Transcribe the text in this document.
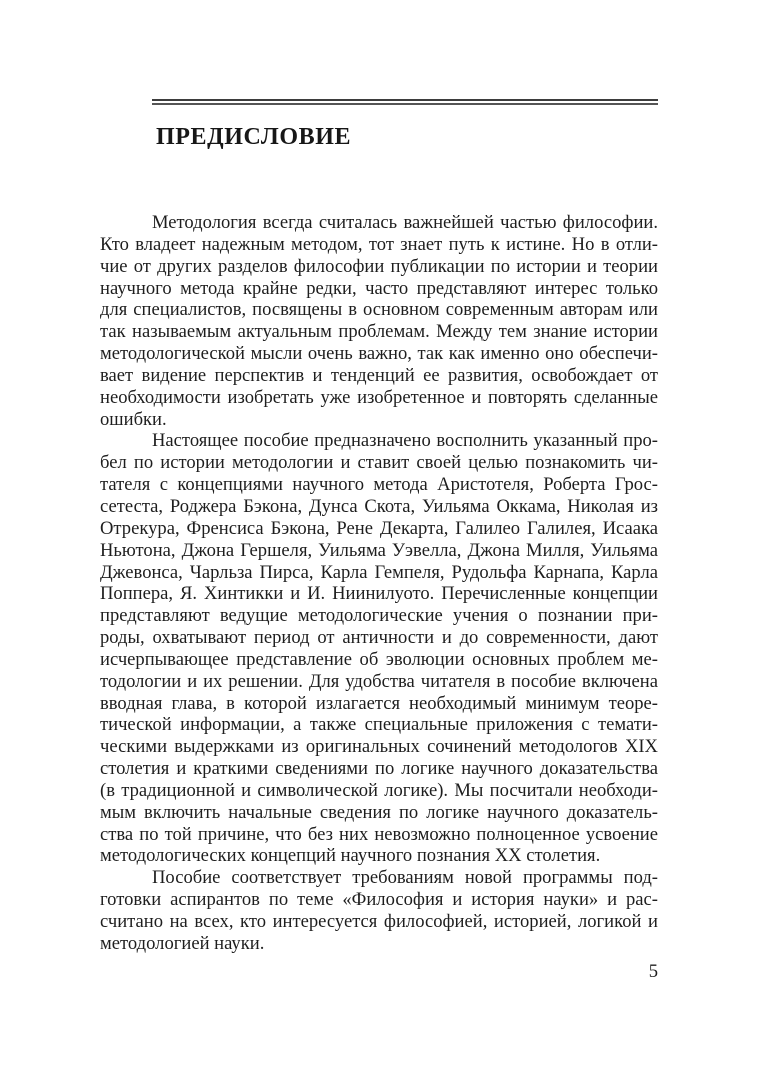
ПРЕДИСЛОВИЕ
Методология всегда считалась важнейшей частью философии.
Кто владеет надежным методом, тот знает путь к истине. Но в отли-
чие от других разделов философии публикации по истории и теории
научного метода крайне редки, часто представляют интерес только
для специалистов, посвящены в основном современным авторам или
так называемым актуальным проблемам. Между тем знание истории
методологической мысли очень важно, так как именно оно обеспечи-
вает видение перспектив и тенденций ее развития, освобождает от
необходимости изобретать уже изобретенное и повторять сделанные
ошибки.
Настоящее пособие предназначено восполнить указанный про-
бел по истории методологии и ставит своей целью познакомить чи-
тателя с концепциями научного метода Аристотеля, Роберта Грос-
сетеста, Роджера Бэкона, Дунса Скота, Уильяма Оккама, Николая из
Отрекура, Френсиса Бэкона, Рене Декарта, Галилео Галилея, Исаака
Ньютона, Джона Гершеля, Уильяма Уэвелла, Джона Милля, Уильяма
Джевонса, Чарльза Пирса, Карла Гемпеля, Рудольфа Карнапа, Карла
Поппера, Я. Хинтикки и И. Ниинилуото. Перечисленные концепции
представляют ведущие методологические учения о познании при-
роды, охватывают период от античности и до современности, дают
исчерпывающее представление об эволюции основных проблем ме-
тодологии и их решении. Для удобства читателя в пособие включена
вводная глава, в которой излагается необходимый минимум теоре-
тической информации, а также специальные приложения с темати-
ческими выдержками из оригинальных сочинений методологов XIX
столетия и краткими сведениями по логике научного доказательства
(в традиционной и символической логике). Мы посчитали необходи-
мым включить начальные сведения по логике научного доказатель-
ства по той причине, что без них невозможно полноценное усвоение
методологических концепций научного познания XX столетия.
Пособие соответствует требованиям новой программы под-
готовки аспирантов по теме «Философия и история науки» и рас-
считано на всех, кто интересуется философией, историей, логикой и
методологией науки.
5
